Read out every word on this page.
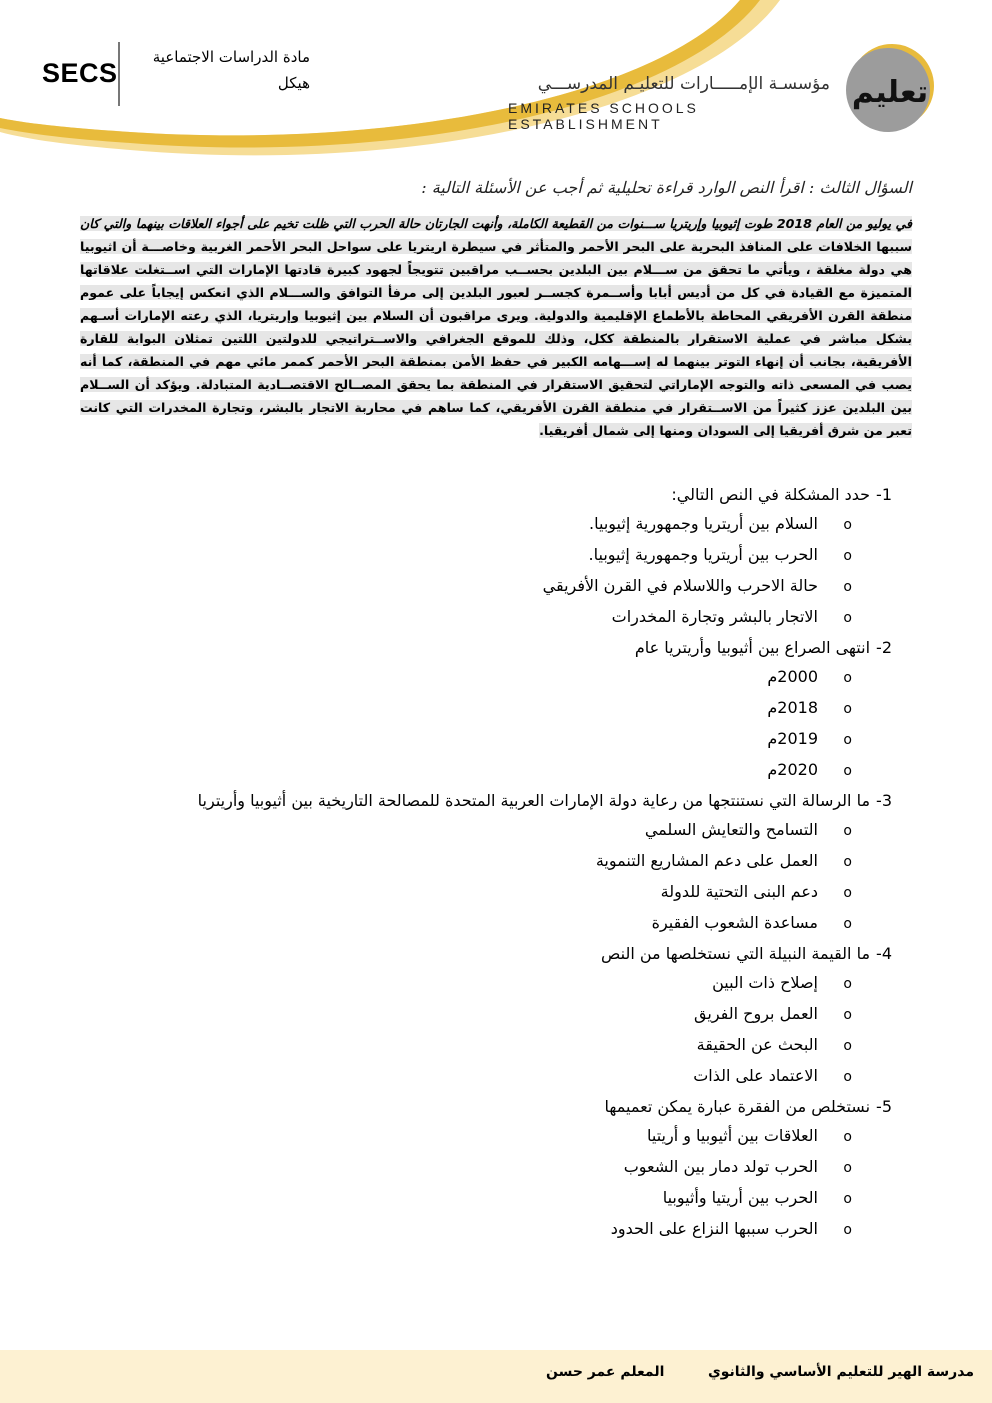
SECS
مادة الدراسات الاجتماعية
هيكل	مؤسسـة الإمـــــارات للتعليـم المدرســـي
EMIRATES SCHOOLS ESTABLISHMENT
تعليم
السؤال الثالث : اقرأ النص الوارد قراءة تحليلية ثم أجب عن الأسئلة التالية :
في يوليو من العام 2018 طوت إثيوبيا وإريتريا ســـنوات من القطيعة الكاملة، وأنهت الجارتان حالة الحرب التي ظلت تخيم على أجواء العلاقات بينهما والتي كان سببها الخلافات على المنافذ البحرية على البحر الأحمر والمتأثر في سيطرة اريتريا على سواحل البحر الأحمر الغربية وخاصـــة أن اثيوبيا هي دولة مغلقة ، ويأتي ما تحقق من ســـلام بين البلدين بحســب مراقبين تتويجاً لجهود كبيرة قادتها الإمارات التي اســتغلت علاقاتها المتميزة مع القيادة في كل من أديس أبابا وأســمرة كجســر لعبور البلدين إلى مرفأ التوافق والســـلام الذي انعكس إيجاباً على عموم منطقة القرن الأفريقي المحاطة بالأطماع الإقليمية والدولية. ويرى مراقبون أن السلام بين إثيوبيا وإريتريا، الذي رعته الإمارات أسـهم بشكل مباشر في عملية الاستقرار بالمنطقة ككل، وذلك للموقع الجغرافي والاســتراتيجي للدولتين اللتين تمثلان البوابة للقارة الأفريقية، بجانب أن إنهاء التوتر بينهما له إســـهامه الكبير في حفظ الأمن بمنطقة البحر الأحمر كممر مائي مهم في المنطقة، كما أنه يصب في المسعى ذاته والتوجه الإماراتي لتحقيق الاستقرار في المنطقة بما يحقق المصــالح الاقتصــادية المتبادلة. ويؤكد أن الســلام بين البلدين عزز كثيراً من الاســتقرار في منطقة القرن الأفريقي، كما ساهم في محاربة الاتجار بالبشر، وتجارة المخدرات التي كانت تعبر من شرق أفريقيا إلى السودان ومنها إلى شمال أفريقيا.
1-حدد المشكلة في النص التالي:
oالسلام بين أريتريا وجمهورية إثيوبيا.
oالحرب بين أريتريا وجمهورية إثيوبيا.
oحالة الاحرب واللاسلام في القرن الأفريقي
oالاتجار بالبشر وتجارة المخدرات
2-انتهى الصراع بين أثيوبيا وأريتريا عام
o2000م
o2018م
o2019م
o2020م
3-ما الرسالة التي نستنتجها من رعاية دولة الإمارات العربية المتحدة للمصالحة التاريخية بين أثيوبيا وأريتريا
oالتسامح والتعايش السلمي
oالعمل على دعم المشاريع التنموية
oدعم البنى التحتية للدولة
oمساعدة الشعوب الفقيرة
4-ما القيمة النبيلة التي نستخلصها من النص
oإصلاح ذات البين
oالعمل بروح الفريق
oالبحث عن الحقيقة
oالاعتماد على الذات
5-نستخلص من الفقرة عبارة يمكن تعميمها
oالعلاقات بين أثيوبيا و أريتيا
oالحرب تولد دمار بين الشعوب
oالحرب بين أريتيا وأثيوبيا
oالحرب سببها النزاع على الحدود
مدرسة الهير للتعليم الأساسي والثانوي
المعلم عمر حسن
